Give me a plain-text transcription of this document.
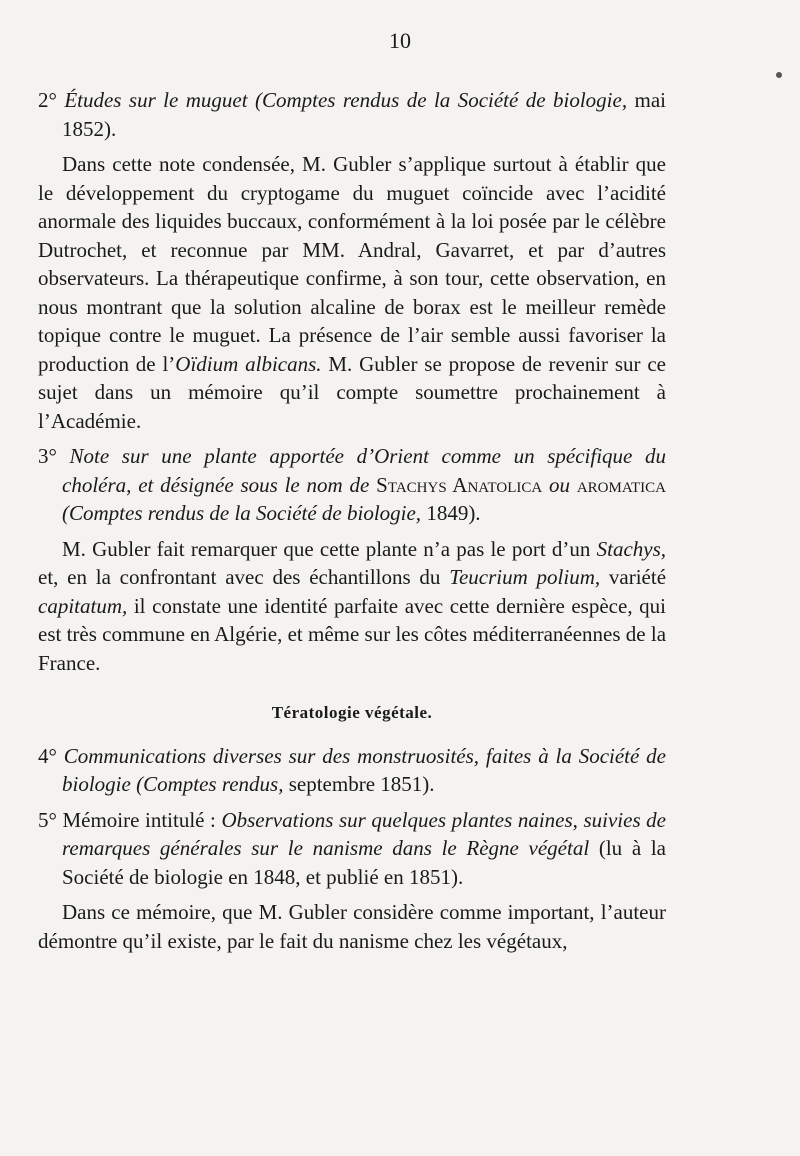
10

2° Études sur le muguet (Comptes rendus de la Société de biologie, mai 1852).

Dans cette note condensée, M. Gubler s’applique surtout à établir que le développement du cryptogame du muguet coïncide avec l’acidité anormale des liquides buccaux, conformément à la loi posée par le célèbre Dutrochet, et reconnue par MM. Andral, Gavarret, et par d’autres observateurs. La thérapeutique confirme, à son tour, cette observation, en nous montrant que la solution alcaline de borax est le meilleur remède topique contre le muguet. La présence de l’air semble aussi favoriser la production de l’Oïdium albicans. M. Gubler se propose de revenir sur ce sujet dans un mémoire qu’il compte soumettre prochainement à l’Académie.

3° Note sur une plante apportée d’Orient comme un spécifique du choléra, et désignée sous le nom de Stachys Anatolica ou aromatica (Comptes rendus de la Société de biologie, 1849).

M. Gubler fait remarquer que cette plante n’a pas le port d’un Stachys, et, en la confrontant avec des échantillons du Teucrium polium, variété capitatum, il constate une identité parfaite avec cette dernière espèce, qui est très commune en Algérie, et même sur les côtes méditerranéennes de la France.

Tératologie végétale.

4° Communications diverses sur des monstruosités, faites à la Société de biologie (Comptes rendus, septembre 1851).

5° Mémoire intitulé : Observations sur quelques plantes naines, suivies de remarques générales sur le nanisme dans le Règne végétal (lu à la Société de biologie en 1848, et publié en 1851).

Dans ce mémoire, que M. Gubler considère comme important, l’auteur démontre qu’il existe, par le fait du nanisme chez les végétaux,
